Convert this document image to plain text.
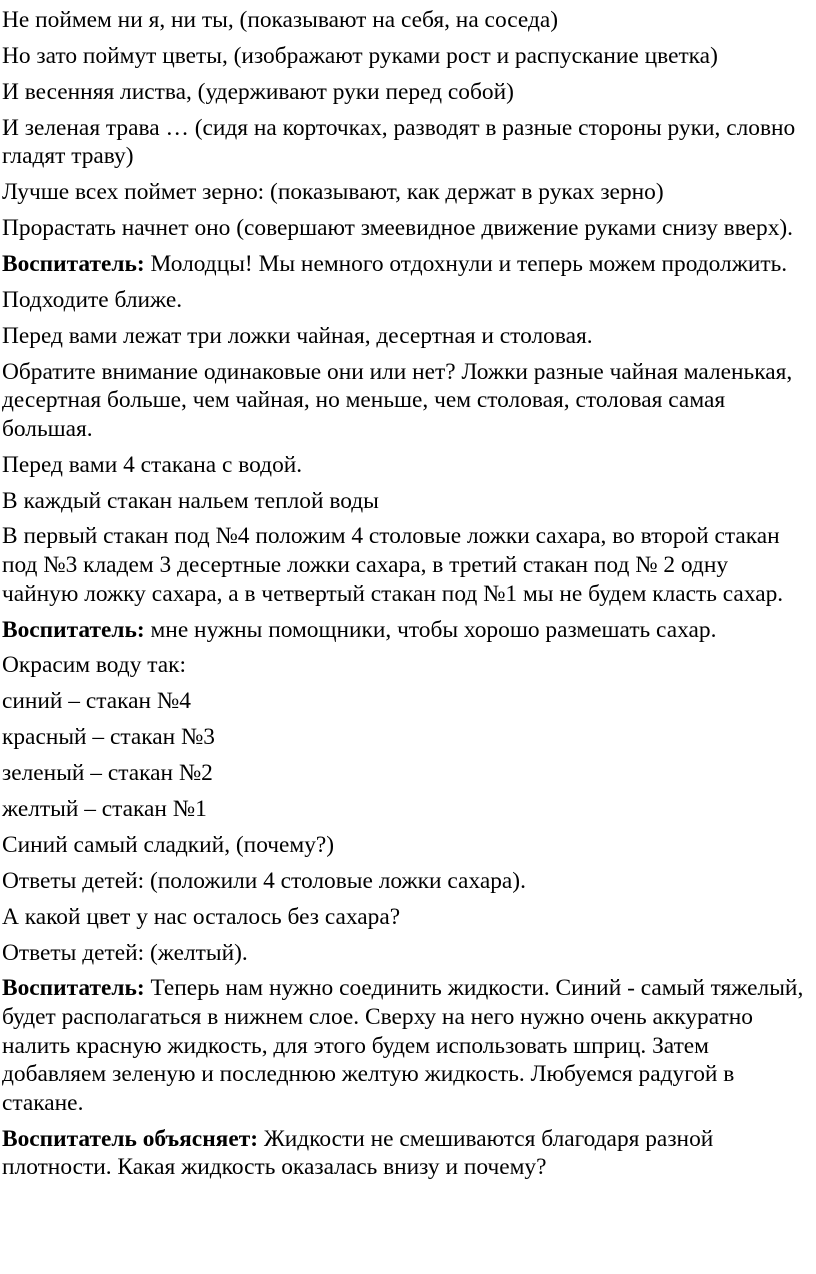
Не поймем ни я, ни ты, (показывают на себя, на соседа)

Но зато поймут цветы, (изображают руками рост и распускание цветка)

И весенняя листва, (удерживают руки перед собой)

И зеленая трава … (сидя на корточках, разводят в разные стороны руки, словно гладят траву)

Лучше всех поймет зерно: (показывают, как держат в руках зерно)

Прорастать начнет оно (совершают змеевидное движение руками снизу вверх).

Воспитатель: Молодцы! Мы немного отдохнули и теперь можем продолжить.

Подходите ближе.

Перед вами лежат три ложки чайная, десертная и столовая.

Обратите внимание одинаковые они или нет? Ложки разные чайная маленькая, десертная больше, чем чайная, но меньше, чем столовая, столовая самая большая.

Перед вами 4 стакана с водой.

В каждый стакан нальем теплой воды

В первый стакан под №4 положим 4 столовые ложки сахара, во второй стакан под №3 кладем 3 десертные ложки сахара, в третий стакан под № 2 одну чайную ложку сахара, а в четвертый стакан под №1 мы не будем класть сахар.

Воспитатель: мне нужны помощники, чтобы хорошо размешать сахар.

Окрасим воду так:

синий – стакан №4

красный – стакан №3

зеленый – стакан №2

желтый – стакан №1

Синий самый сладкий, (почему?)

Ответы детей: (положили 4 столовые ложки сахара).

А какой цвет у нас осталось без сахара?

Ответы детей: (желтый).

Воспитатель: Теперь нам нужно соединить жидкости. Синий - самый тяжелый, будет располагаться в нижнем слое. Сверху на него нужно очень аккуратно налить красную жидкость, для этого будем использовать шприц. Затем добавляем зеленую и последнюю желтую жидкость. Любуемся радугой в стакане.

Воспитатель объясняет: Жидкости не смешиваются благодаря разной плотности. Какая жидкость оказалась внизу и почему?
